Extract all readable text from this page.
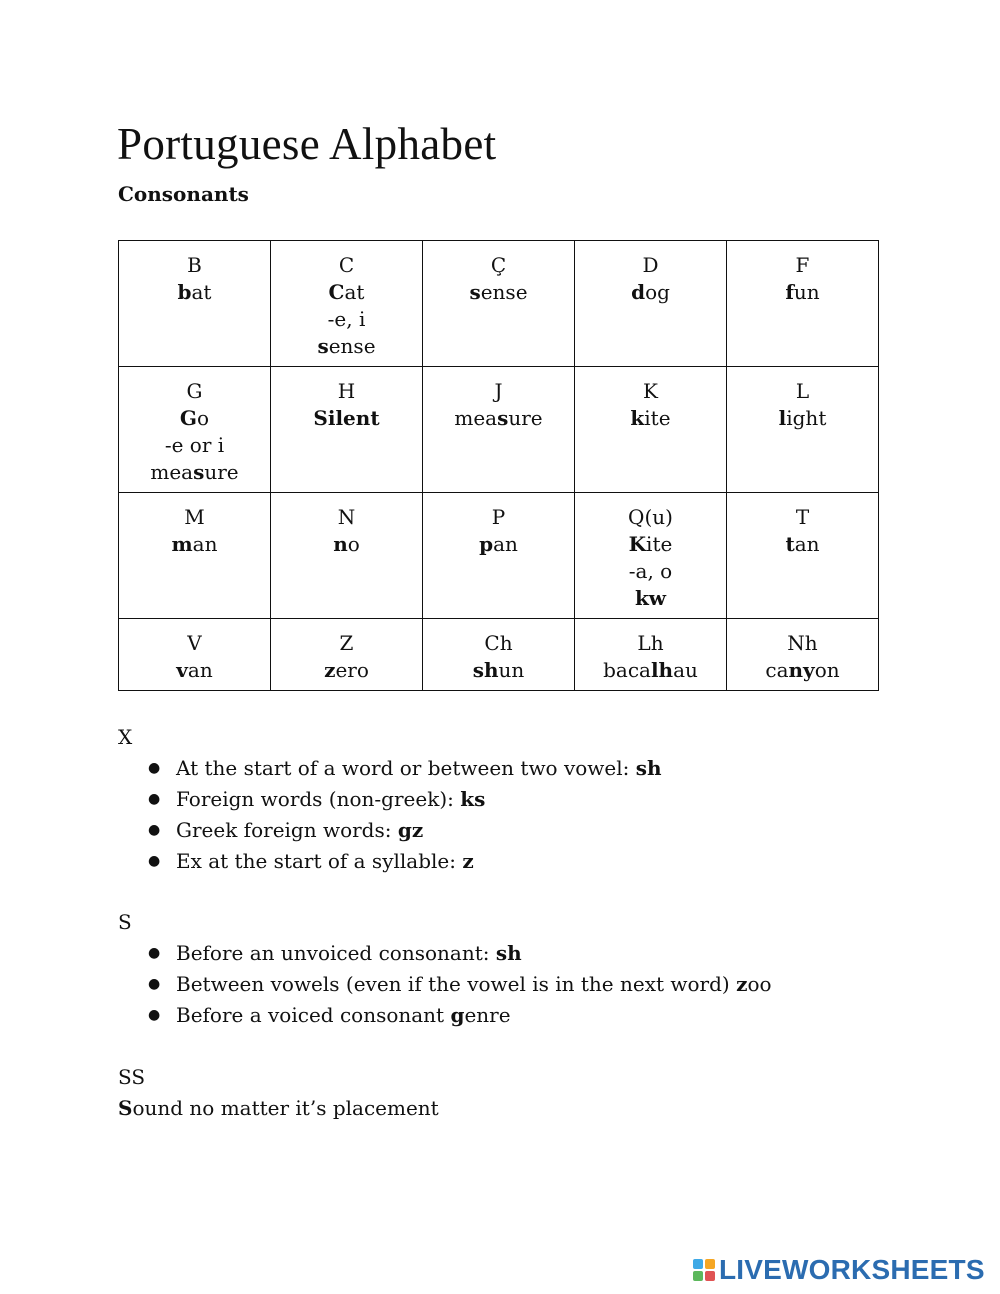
Portuguese Alphabet
Consonants
B
bat	C
Cat
-e, i
sense	Ç
sense	D
dog	F
fun

G
Go
-e or i
measure	H
Silent	J
measure	K
kite	L
light

M
man	N
no	P
pan	Q(u)
Kite
-a, o
kw	T
tan

V
van	Z
zero	Ch
shun	Lh
bacalhau	Nh
canyon
X
● At the start of a word or between two vowel: sh
● Foreign words (non-greek): ks
● Greek foreign words: gz
● Ex at the start of a syllable: z
S
● Before an unvoiced consonant: sh
● Between vowels (even if the vowel is in the next word) zoo
● Before a voiced consonant genre
SS
Sound no matter it’s placement
LIVEWORKSHEETS
